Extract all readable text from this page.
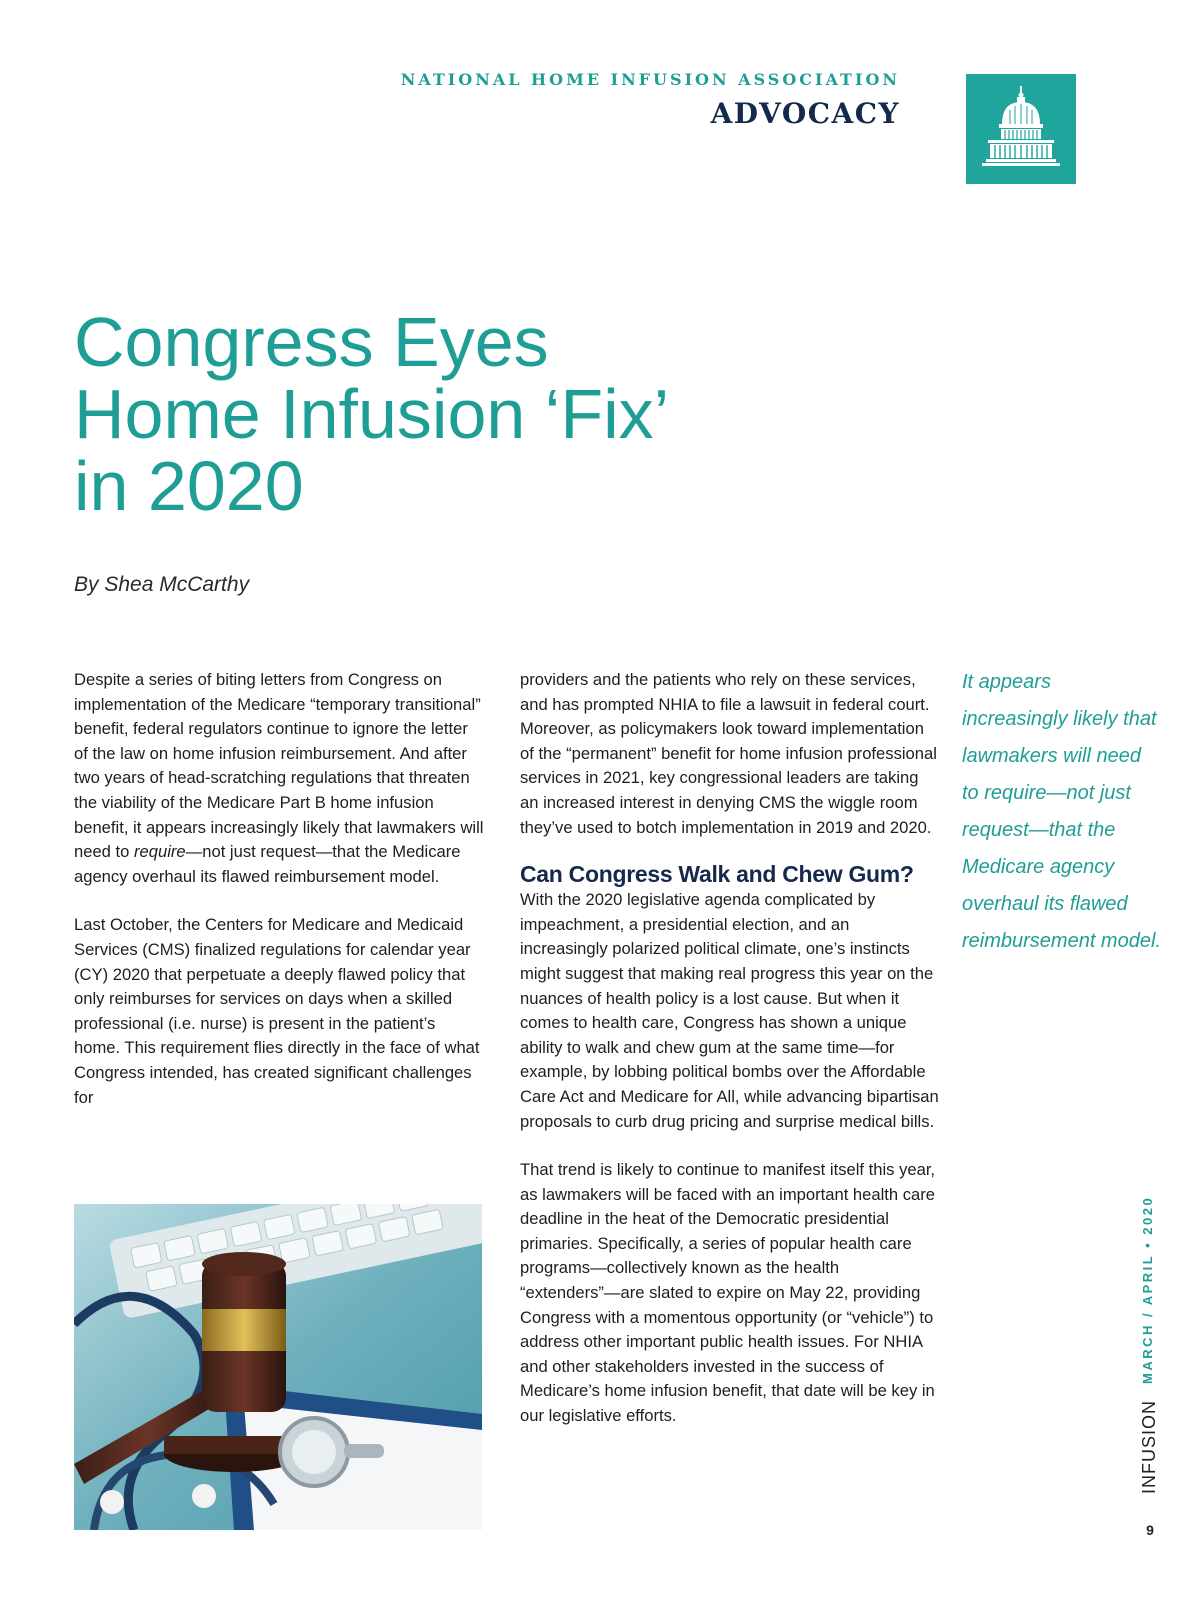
NATIONAL HOME INFUSION ASSOCIATION
ADVOCACY
Congress Eyes
Home Infusion ‘Fix’
in 2020
By Shea McCarthy

Despite a series of biting letters from Congress on implementation of the Medicare “temporary transitional” benefit, federal regulators continue to ignore the letter of the law on home infusion reimbursement. And after two years of head-scratching regulations that threaten the viability of the Medicare Part B home infusion benefit, it appears increasingly likely that lawmakers will need to require—not just request—that the Medicare agency overhaul its flawed reimbursement model.

Last October, the Centers for Medicare and Medicaid Services (CMS) finalized regulations for calendar year (CY) 2020 that perpetuate a deeply flawed policy that only reimburses for services on days when a skilled professional (i.e. nurse) is present in the patient’s home. This requirement flies directly in the face of what Congress intended, has created significant challenges for

providers and the patients who rely on these services, and has prompted NHIA to file a lawsuit in federal court. Moreover, as policymakers look toward implementation of the “permanent” benefit for home infusion professional services in 2021, key congressional leaders are taking an increased interest in denying CMS the wiggle room they’ve used to botch implementation in 2019 and 2020.

Can Congress Walk and Chew Gum?

With the 2020 legislative agenda complicated by impeachment, a presidential election, and an increasingly polarized political climate, one’s instincts might suggest that making real progress this year on the nuances of health policy is a lost cause. But when it comes to health care, Congress has shown a unique ability to walk and chew gum at the same time—for example, by lobbing political bombs over the Affordable Care Act and Medicare for All, while advancing bipartisan proposals to curb drug pricing and surprise medical bills.

That trend is likely to continue to manifest itself this year, as lawmakers will be faced with an important health care deadline in the heat of the Democratic presidential primaries. Specifically, a series of popular health care programs—collectively known as the health “extenders”—are slated to expire on May 22, providing Congress with a momentous opportunity (or “vehicle”) to address other important public health issues. For NHIA and other stakeholders invested in the success of Medicare’s home infusion benefit, that date will be key in our legislative efforts.

It appears increasingly likely that lawmakers will need to require—not just request—that the Medicare agency overhaul its flawed reimbursement model.
MARCH / APRIL • 2020
INFUSION
9
